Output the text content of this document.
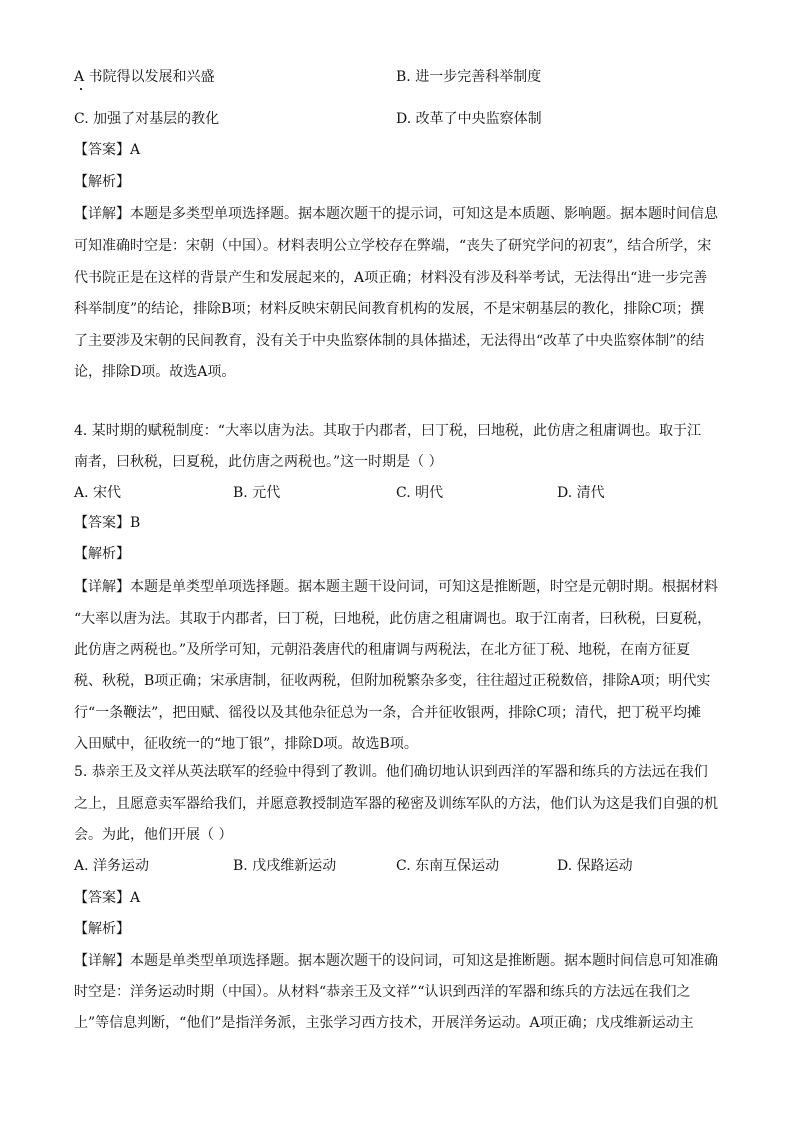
A 书院得以发展和兴盛	B. 进一步完善科举制度
C. 加强了对基层的教化	D. 改革了中央监察体制
【答案】A
【解析】
【详解】本题是多类型单项选择题。据本题次题干的提示词，可知这是本质题、影响题。据本题时间信息
可知准确时空是：宋朝（中国）。材料表明公立学校存在弊端，“丧失了研究学问的初衷”，结合所学，宋
代书院正是在这样的背景产生和发展起来的，A项正确；材料没有涉及科举考试，无法得出“进一步完善
科举制度”的结论，排除B项；材料反映宋朝民间教育机构的发展，不是宋朝基层的教化，排除C项；撰
了主要涉及宋朝的民间教育，没有关于中央监察体制的具体描述，无法得出“改革了中央监察体制”的结
论，排除D项。故选A项。
4. 某时期的赋税制度：“大率以唐为法。其取于内郡者，曰丁税，曰地税，此仿唐之租庸调也。取于江
南者，曰秋税，曰夏税，此仿唐之两税也。”这一时期是（ ）
A. 宋代	B. 元代	C. 明代	D. 清代
【答案】B
【解析】
【详解】本题是单类型单项选择题。据本题主题干设问词，可知这是推断题，时空是元朝时期。根据材料
“大率以唐为法。其取于内郡者，曰丁税，曰地税，此仿唐之租庸调也。取于江南者，曰秋税，曰夏税，
此仿唐之两税也。”及所学可知，元朝沿袭唐代的租庸调与两税法，在北方征丁税、地税，在南方征夏
税、秋税，B项正确；宋承唐制，征收两税，但附加税繁杂多变，往往超过正税数倍，排除A项；明代实
行“一条鞭法”，把田赋、徭役以及其他杂征总为一条，合并征收银两，排除C项；清代，把丁税平均摊
入田赋中，征收统一的“地丁银”，排除D项。故选B项。
5. 恭亲王及文祥从英法联军的经验中得到了教训。他们确切地认识到西洋的军器和练兵的方法远在我们
之上，且愿意卖军器给我们，并愿意教授制造军器的秘密及训练军队的方法，他们认为这是我们自强的机
会。为此，他们开展（ ）
A. 洋务运动	B. 戊戌维新运动	C. 东南互保运动	D. 保路运动
【答案】A
【解析】
【详解】本题是单类型单项选择题。据本题次题干的设问词，可知这是推断题。据本题时间信息可知准确
时空是：洋务运动时期（中国）。从材料“恭亲王及文祥”“认识到西洋的军器和练兵的方法远在我们之
上”等信息判断，“他们”是指洋务派，主张学习西方技术，开展洋务运动。A项正确；戊戌维新运动主
